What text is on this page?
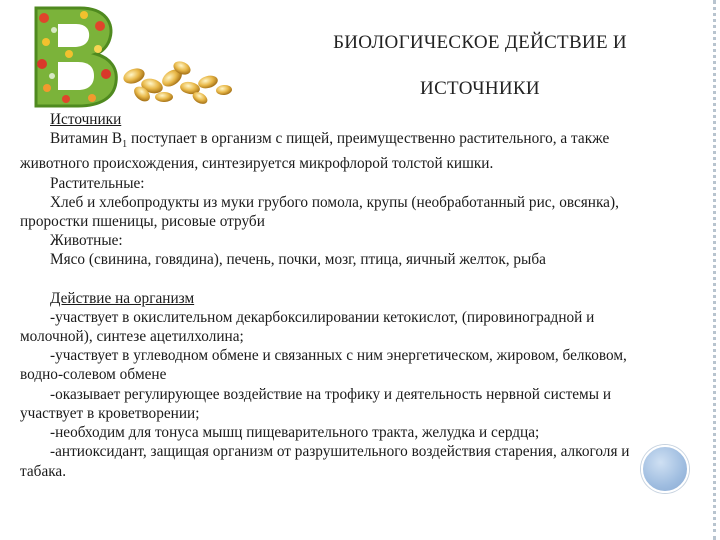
БИОЛОГИЧЕСКОЕ ДЕЙСТВИЕ И
ИСТОЧНИКИ

Источники

Витамин $В_1$ поступает в организм с пищей, преимущественно растительного, а также животного происхождения, синтезируется микрофлорой толстой кишки.

Растительные:

Хлеб и хлебопродукты из муки грубого помола, крупы (необработанный рис, овсянка), проростки пшеницы, рисовые отруби

Животные:

Мясо (свинина, говядина), печень, почки, мозг, птица, яичный желток, рыба

Действие на организм

-участвует в окислительном декарбоксилировании кетокислот, (пировиноградной и молочной), синтезе ацетилхолина;

-участвует в углеводном обмене и связанных с ним энергетическом, жировом, белковом, водно-солевом обмене

-оказывает регулирующее воздействие на трофику и деятельность нервной системы и участвует в кроветворении;

-необходим для тонуса мышц пищеварительного тракта, желудка и сердца;

-антиоксидант, защищая организм от разрушительного воздействия старения, алкоголя и табака.
